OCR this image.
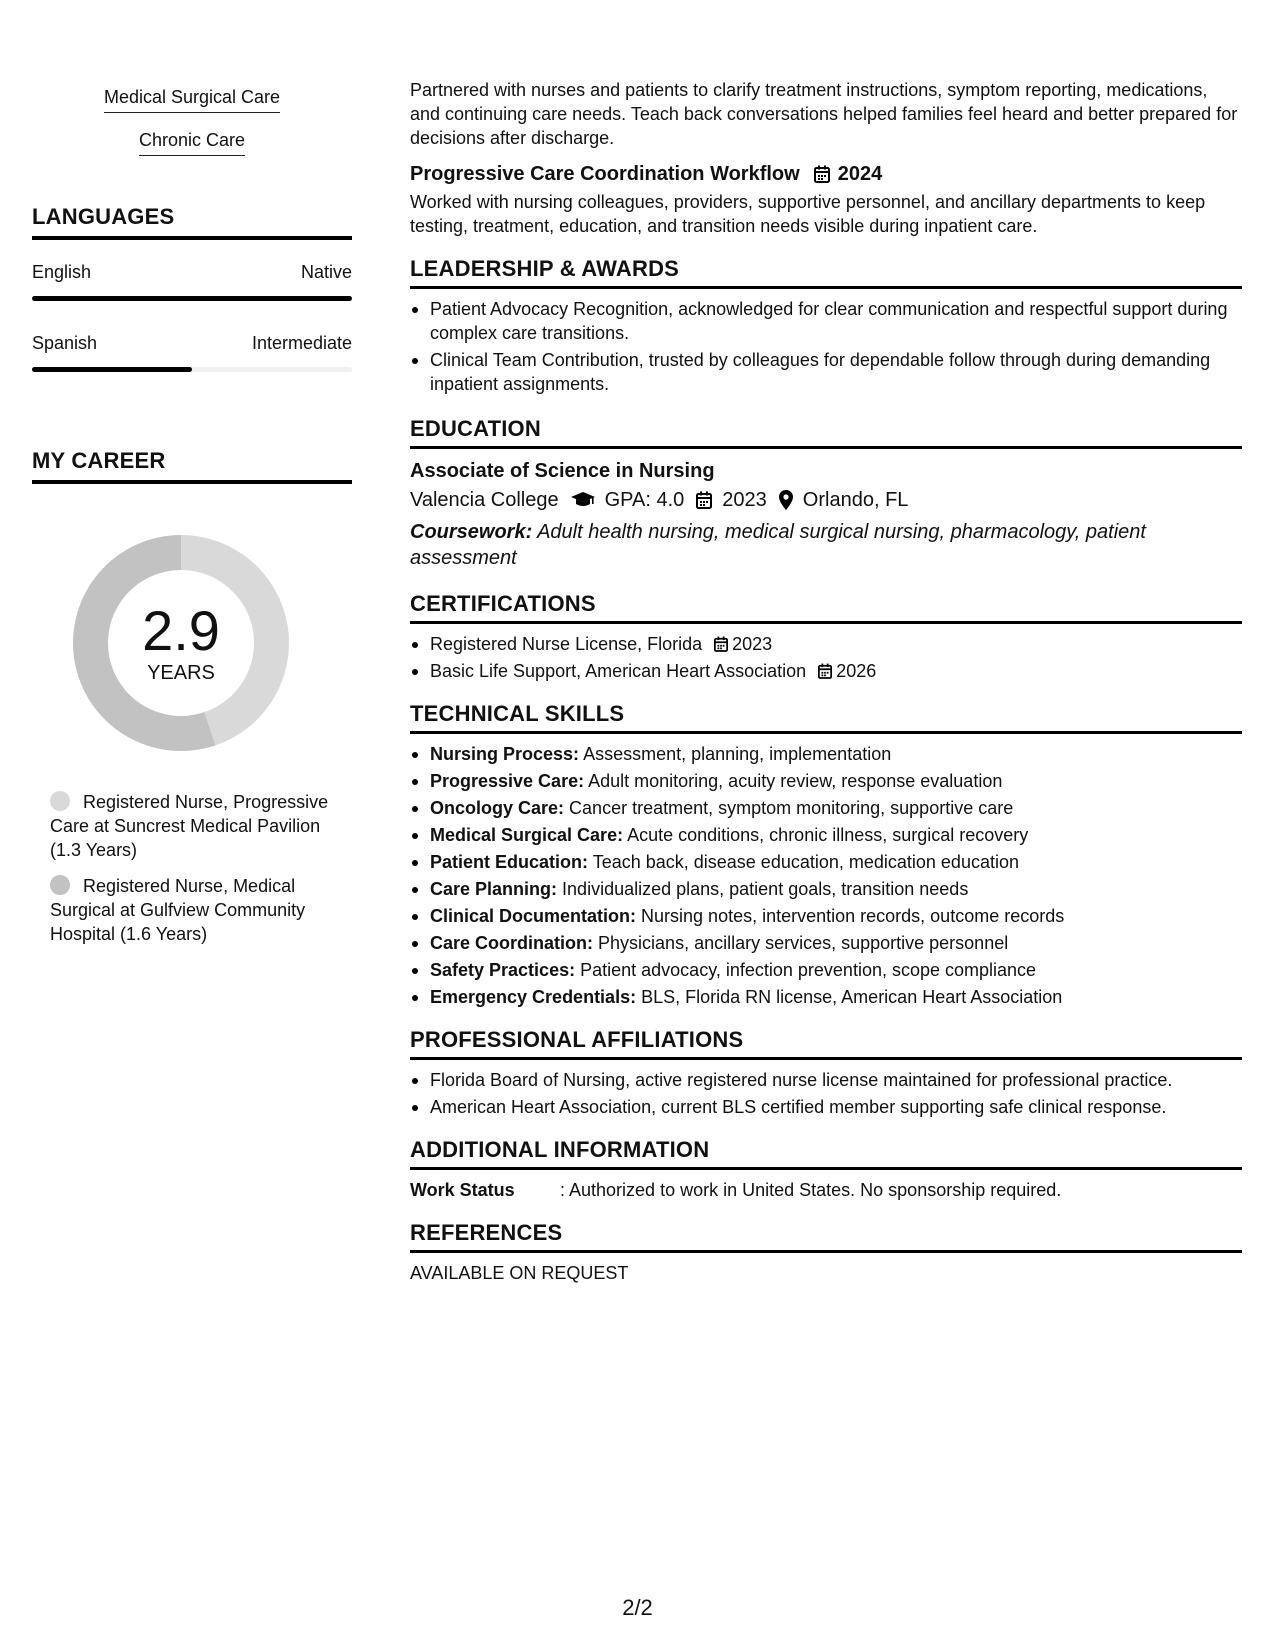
Medical Surgical Care
Chronic Care
LANGUAGES
English	Native
Spanish	Intermediate
MY CAREER
2.9
YEARS
Registered Nurse, Progressive Care at Suncrest Medical Pavilion (1.3 Years)
Registered Nurse, Medical Surgical at Gulfview Community Hospital (1.6 Years)

Partnered with nurses and patients to clarify treatment instructions, symptom reporting, medications, and continuing care needs. Teach back conversations helped families feel heard and better prepared for decisions after discharge.

Progressive Care Coordination Workflow 2024

Worked with nursing colleagues, providers, supportive personnel, and ancillary departments to keep testing, treatment, education, and transition needs visible during inpatient care.

LEADERSHIP & AWARDS
Patient Advocacy Recognition, acknowledged for clear communication and respectful support during complex care transitions.
Clinical Team Contribution, trusted by colleagues for dependable follow through during demanding inpatient assignments.
EDUCATION
Associate of Science in Nursing
Valencia College GPA: 4.0 2023 Orlando, FL
Coursework: Adult health nursing, medical surgical nursing, pharmacology, patient assessment
CERTIFICATIONS
Registered Nurse License, Florida 2023
Basic Life Support, American Heart Association 2026
TECHNICAL SKILLS
Nursing Process: Assessment, planning, implementation
Progressive Care: Adult monitoring, acuity review, response evaluation
Oncology Care: Cancer treatment, symptom monitoring, supportive care
Medical Surgical Care: Acute conditions, chronic illness, surgical recovery
Patient Education: Teach back, disease education, medication education
Care Planning: Individualized plans, patient goals, transition needs
Clinical Documentation: Nursing notes, intervention records, outcome records
Care Coordination: Physicians, ancillary services, supportive personnel
Safety Practices: Patient advocacy, infection prevention, scope compliance
Emergency Credentials: BLS, Florida RN license, American Heart Association
PROFESSIONAL AFFILIATIONS
Florida Board of Nursing, active registered nurse license maintained for professional practice.
American Heart Association, current BLS certified member supporting safe clinical response.
ADDITIONAL INFORMATION
Work Status	: Authorized to work in United States. No sponsorship required.
REFERENCES
AVAILABLE ON REQUEST
2/2
